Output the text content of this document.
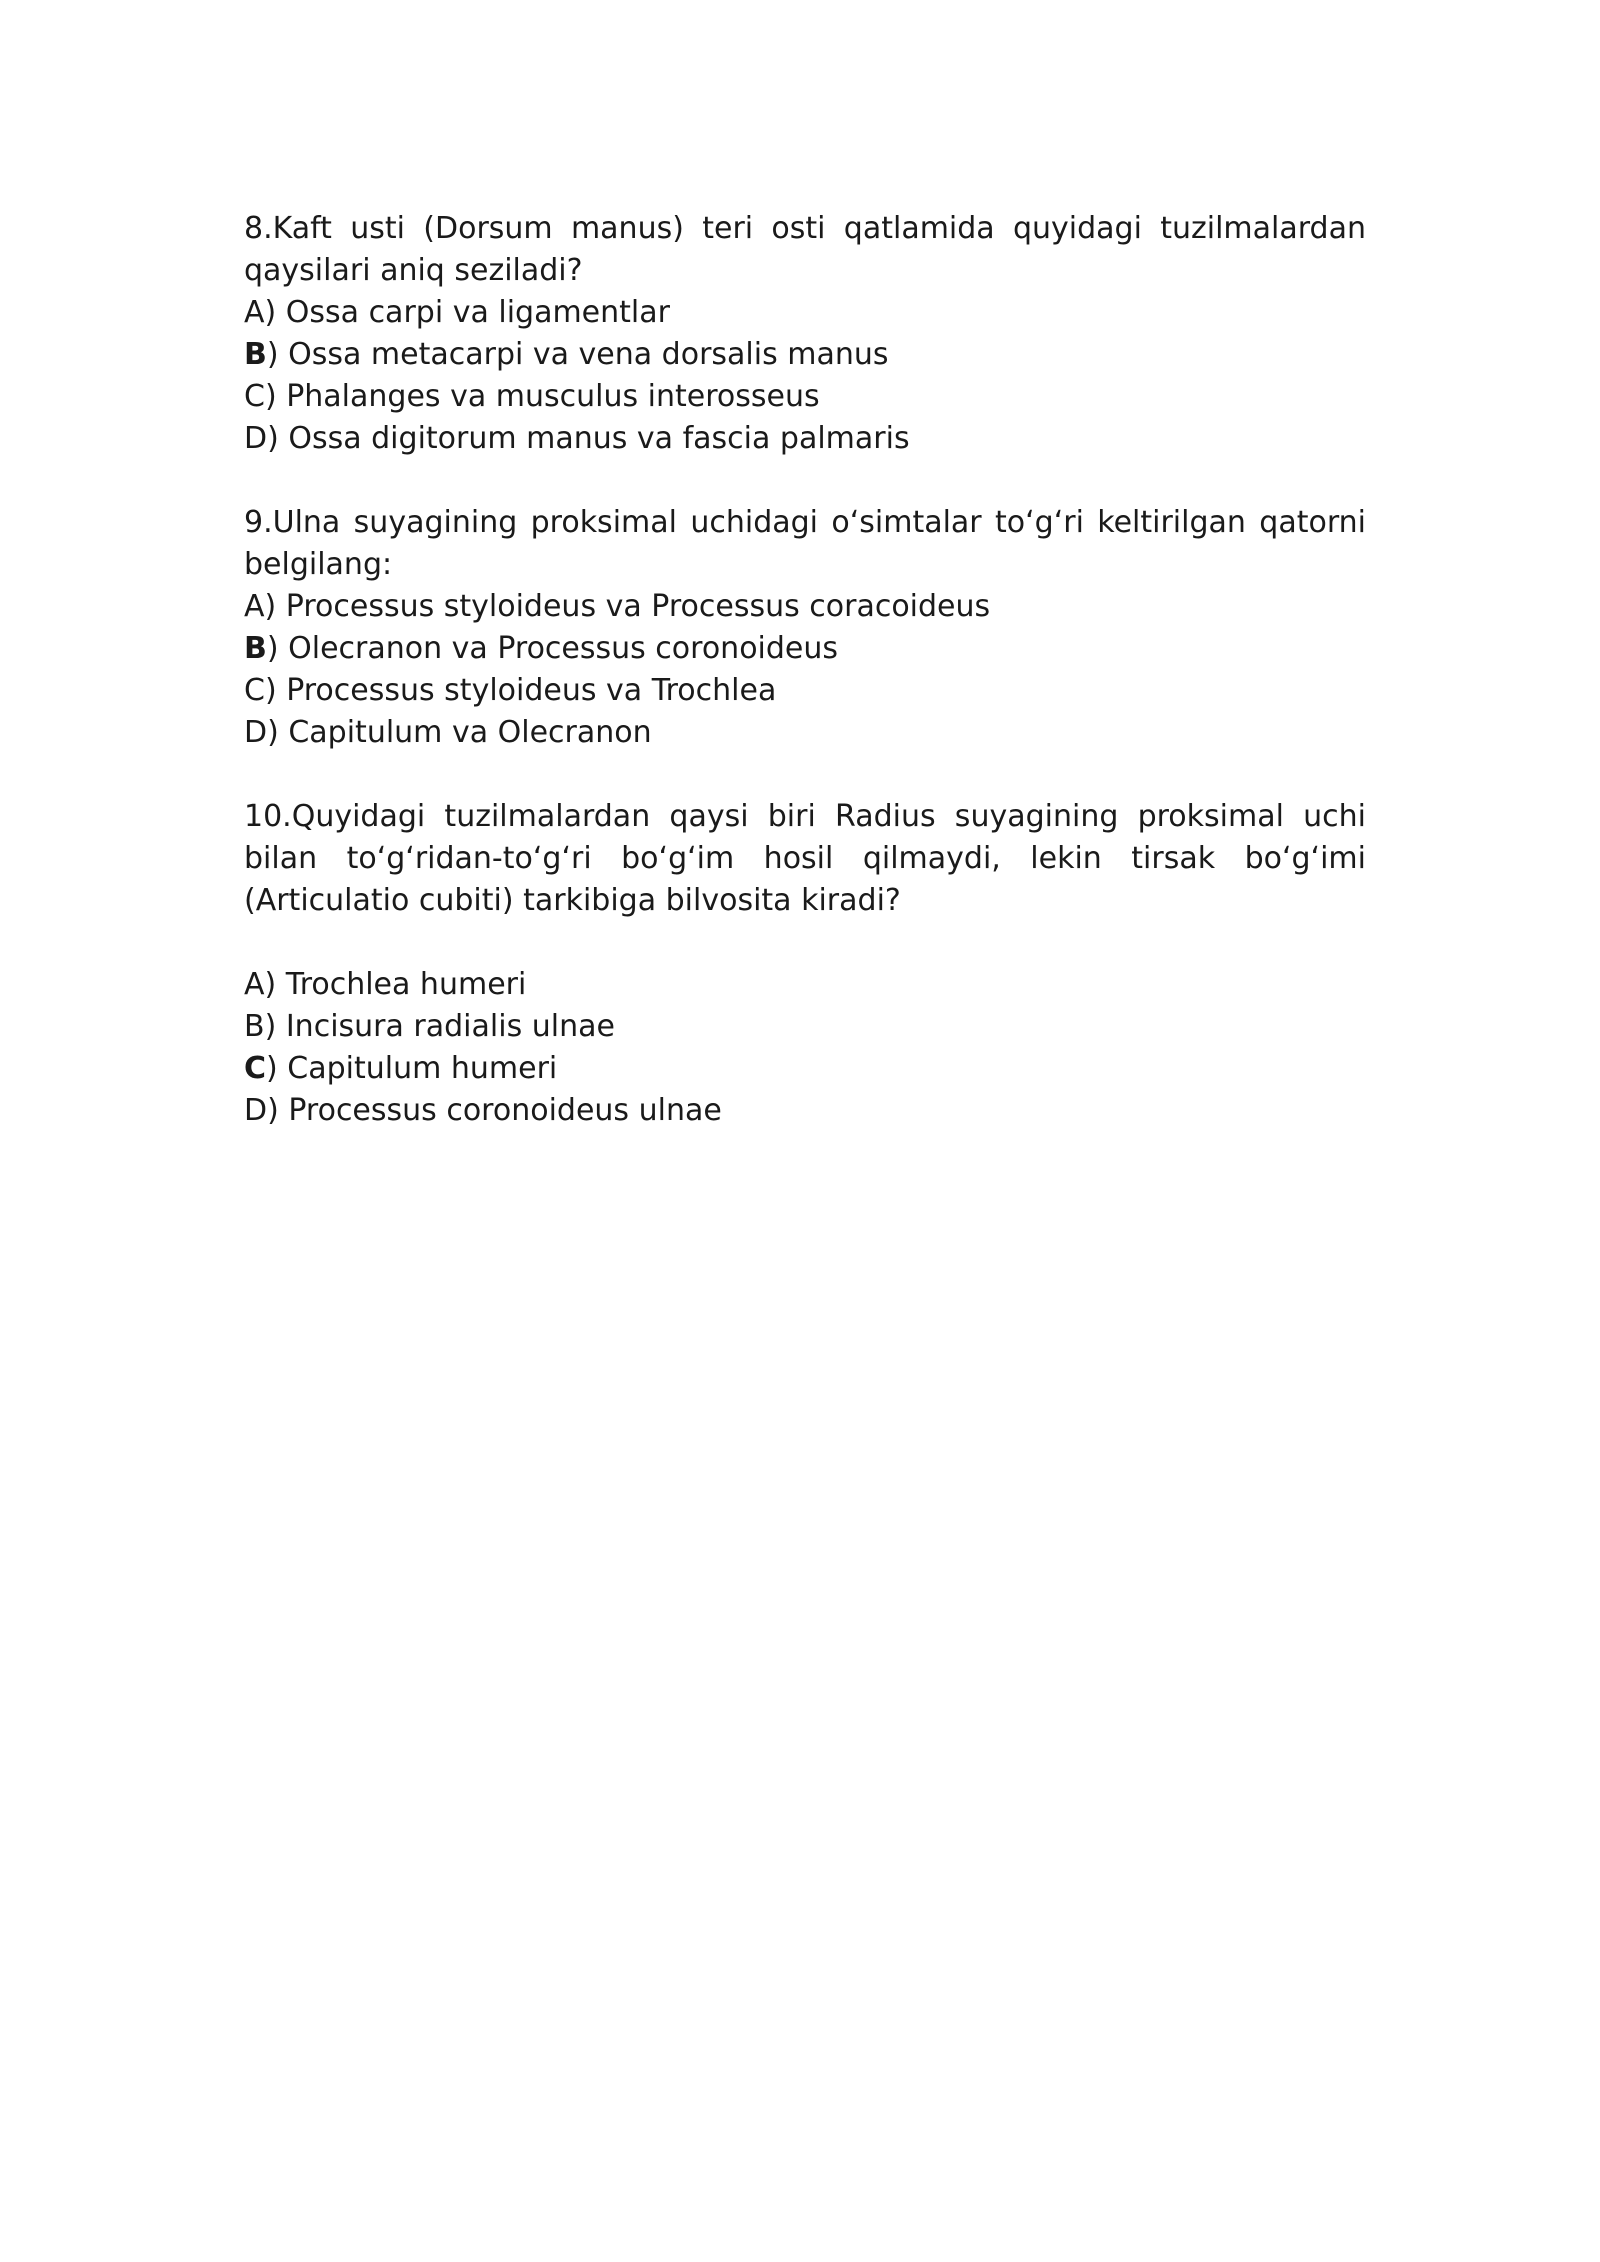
8.Kaft usti (Dorsum manus) teri osti qatlamida quyidagi tuzilmalardan qaysilari aniq seziladi?

A) Ossa carpi va ligamentlar

B) Ossa metacarpi va vena dorsalis manus

C) Phalanges va musculus interosseus

D) Ossa digitorum manus va fascia palmaris

9.Ulna suyagining proksimal uchidagi o‘simtalar to‘g‘ri keltirilgan qatorni belgilang:

A) Processus styloideus va Processus coracoideus

B) Olecranon va Processus coronoideus

C) Processus styloideus va Trochlea

D) Capitulum va Olecranon

10.Quyidagi tuzilmalardan qaysi biri Radius suyagining proksimal uchi bilan to‘g‘ridan-to‘g‘ri bo‘g‘im hosil qilmaydi, lekin tirsak bo‘g‘imi (Articulatio cubiti) tarkibiga bilvosita kiradi?

A) Trochlea humeri

B) Incisura radialis ulnae

C) Capitulum humeri

D) Processus coronoideus ulnae
